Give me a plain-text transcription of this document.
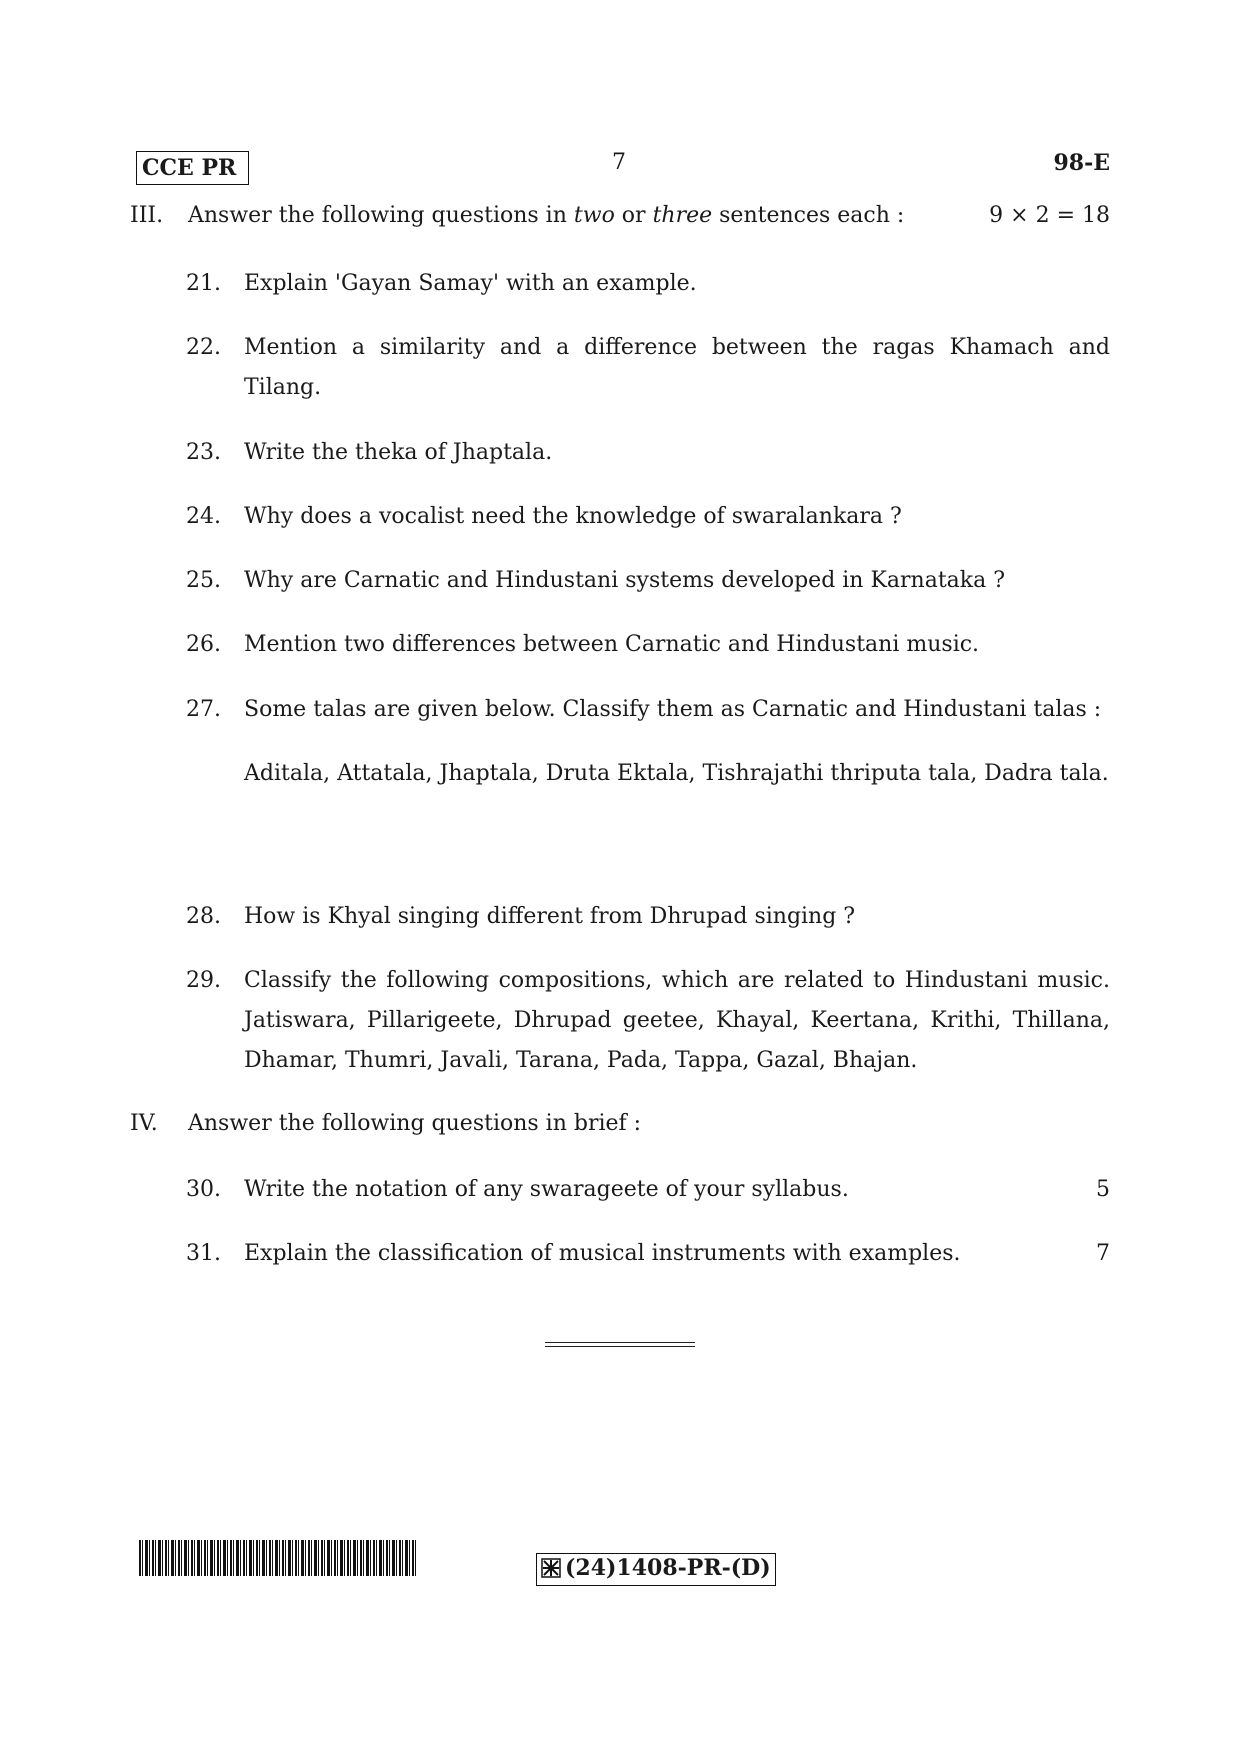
CCE PR	7	98-E
III. Answer the following questions in two or three sentences each :	9 × 2 = 18
21. Explain 'Gayan Samay' with an example.
22. Mention a similarity and a difference between the ragas Khamach and Tilang.
23. Write the theka of Jhaptala.
24. Why does a vocalist need the knowledge of swaralankara ?
25. Why are Carnatic and Hindustani systems developed in Karnataka ?
26. Mention two differences between Carnatic and Hindustani music.
27. Some talas are given below. Classify them as Carnatic and Hindustani talas :
Aditala, Attatala, Jhaptala, Druta Ektala, Tishrajathi thriputa tala, Dadra tala.
28. How is Khyal singing different from Dhrupad singing ?
29. Classify the following compositions, which are related to Hindustani music. Jatiswara, Pillarigeete, Dhrupad geetee, Khayal, Keertana, Krithi, Thillana, Dhamar, Thumri, Javali, Tarana, Pada, Tappa, Gazal, Bhajan.
IV. Answer the following questions in brief :
30. Write the notation of any swarageete of your syllabus.	5
31. Explain the classification of musical instruments with examples.	7
(24)1408-PR-(D)
